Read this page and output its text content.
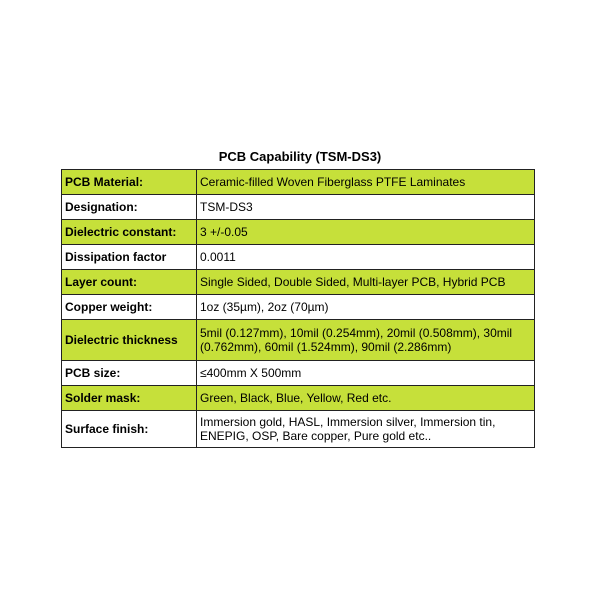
PCB Capability (TSM-DS3)
PCB Material:	Ceramic-filled Woven Fiberglass PTFE Laminates
Designation:	TSM-DS3
Dielectric constant:	3 +/-0.05
Dissipation factor	0.0011
Layer count:	Single Sided, Double Sided, Multi-layer PCB, Hybrid PCB
Copper weight:	1oz (35µm), 2oz (70µm)
Dielectric thickness	5mil (0.127mm), 10mil (0.254mm), 20mil (0.508mm), 30mil (0.762mm), 60mil (1.524mm), 90mil (2.286mm)
PCB size:	≤400mm X 500mm
Solder mask:	Green, Black, Blue, Yellow, Red etc.
Surface finish:	Immersion gold, HASL, Immersion silver, Immersion tin, ENEPIG, OSP, Bare copper, Pure gold etc..
